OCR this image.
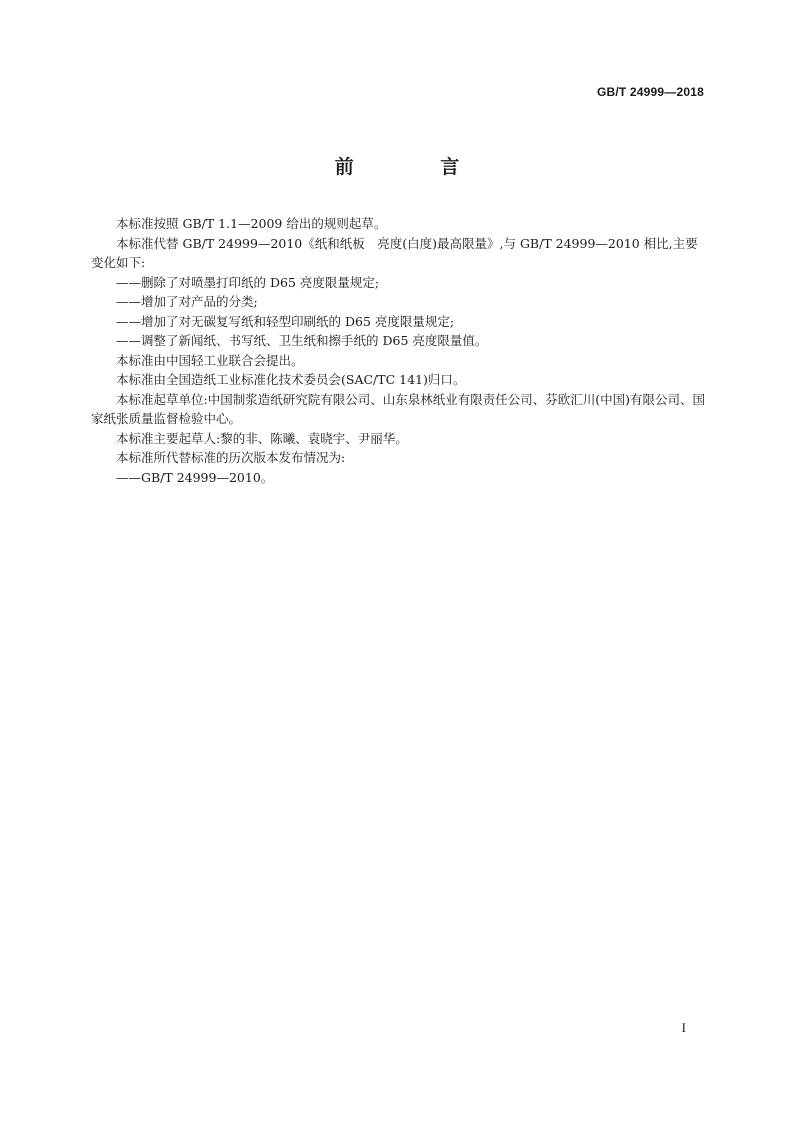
GB/T 24999—2018
前 言

本标准按照 GB/T 1.1—2009 给出的规则起草。

本标准代替 GB/T 24999—2010《纸和纸板　亮度(白度)最高限量》,与 GB/T 24999—2010 相比,主要变化如下:

——删除了对喷墨打印纸的 D65 亮度限量规定;

——增加了对产品的分类;

——增加了对无碳复写纸和轻型印刷纸的 D65 亮度限量规定;

——调整了新闻纸、书写纸、卫生纸和擦手纸的 D65 亮度限量值。

本标准由中国轻工业联合会提出。

本标准由全国造纸工业标准化技术委员会(SAC/TC 141)归口。

本标准起草单位:中国制浆造纸研究院有限公司、山东泉林纸业有限责任公司、芬欧汇川(中国)有限公司、国家纸张质量监督检验中心。

本标准主要起草人:黎的非、陈曦、袁晓宇、尹丽华。

本标准所代替标准的历次版本发布情况为:

——GB/T 24999—2010。

I
